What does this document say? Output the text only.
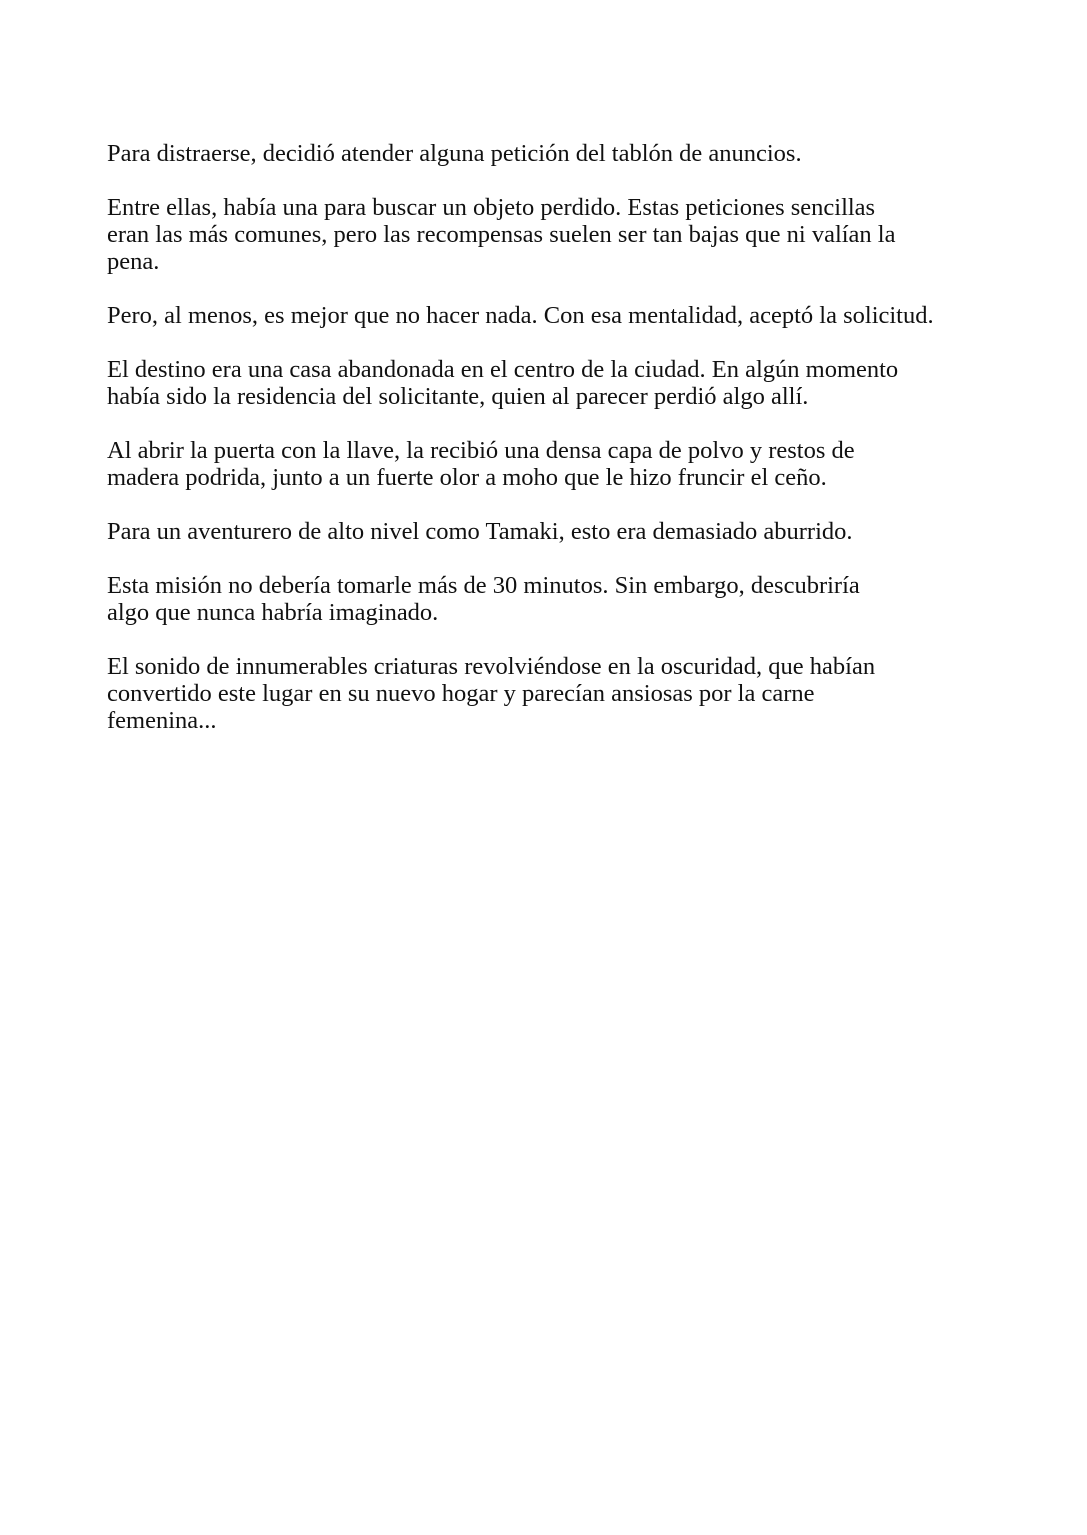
Para distraerse, decidió atender alguna petición del tablón de anuncios.

Entre ellas, había una para buscar un objeto perdido. Estas peticiones sencillas
eran las más comunes, pero las recompensas suelen ser tan bajas que ni valían la
pena.

Pero, al menos, es mejor que no hacer nada. Con esa mentalidad, aceptó la solicitud.

El destino era una casa abandonada en el centro de la ciudad. En algún momento
había sido la residencia del solicitante, quien al parecer perdió algo allí.

Al abrir la puerta con la llave, la recibió una densa capa de polvo y restos de
madera podrida, junto a un fuerte olor a moho que le hizo fruncir el ceño.

Para un aventurero de alto nivel como Tamaki, esto era demasiado aburrido.

Esta misión no debería tomarle más de 30 minutos. Sin embargo, descubriría
algo que nunca habría imaginado.

El sonido de innumerables criaturas revolviéndose en la oscuridad, que habían
convertido este lugar en su nuevo hogar y parecían ansiosas por la carne
femenina...
